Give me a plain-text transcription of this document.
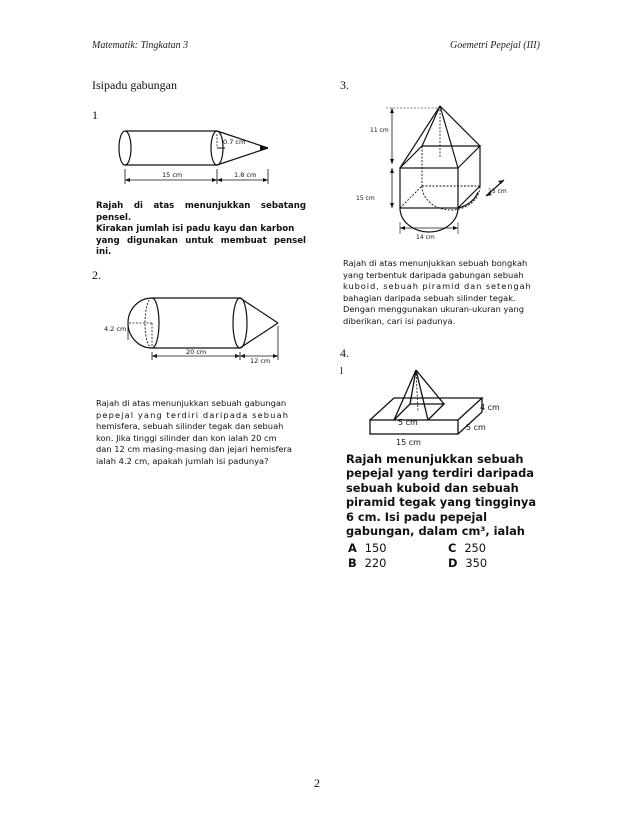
Matematik: Tingkatan 3	Goemetri Pepejal (III)
Isipadu gabungan
1
0.7 cm
15 cm	1.8 cm
Rajah di atas menunjukkan sebatang pensel.
Kirakan jumlah isi padu kayu dan karbon
yang digunakan untuk membuat pensel ini.
2.
4.2 cm
20 cm
12 cm
Rajah di atas menunjukkan sebuah gabungan
pepejal yang terdiri daripada sebuah
hemisfera, sebuah silinder tegak dan sebuah
kon. Jika tinggi silinder dan kon ialah 20 cm
dan 12 cm masing-masing dan jejari hemisfera
ialah 4.2 cm, apakah jumlah isi padunya?
3.
11 cm
15 cm
15 cm
14 cm
Rajah di atas menunjukkan sebuah bongkah
yang terbentuk daripada gabungan sebuah
kuboid, sebuah piramid dan setengah
bahagian daripada sebuah silinder tegak.
Dengan menggunakan ukuran-ukuran yang
diberikan, cari isi padunya.
4.
l
4 cm
5 cm
5 cm
15 cm
Rajah menunjukkan sebuah
pepejal yang terdiri daripada
sebuah kuboid dan sebuah
piramid tegak yang tingginya
6 cm. Isi padu pepejal
gabungan, dalam cm³, ialah
A 150	C 250
B 220	D 350
2
